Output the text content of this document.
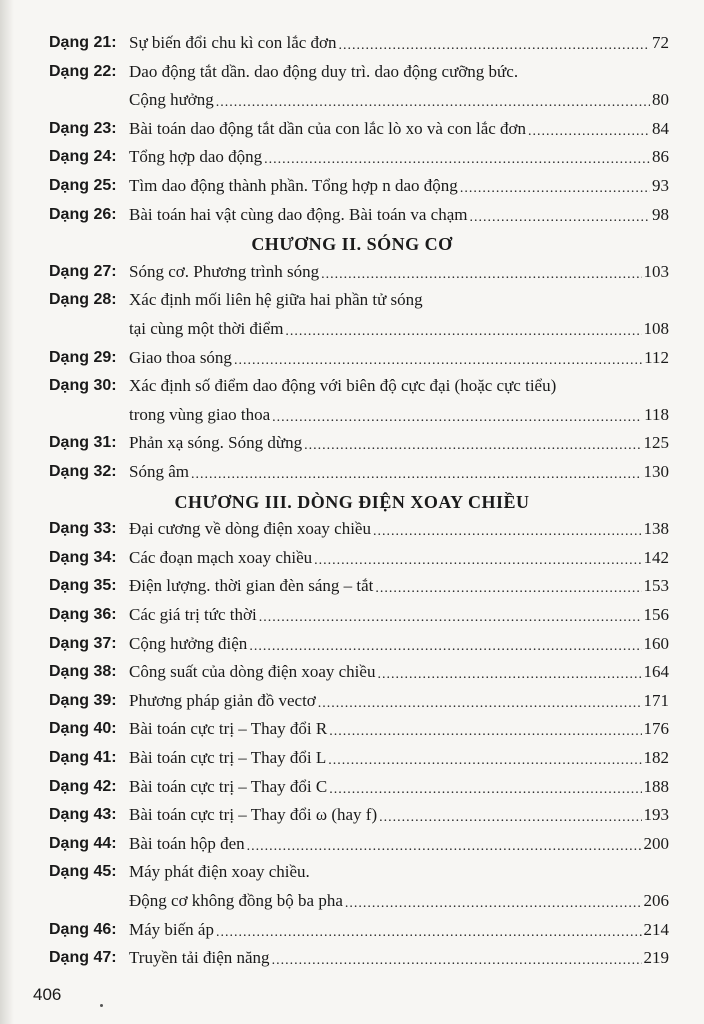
Dạng 21: Sự biến đổi chu kì con lắc đơn .....	72
Dạng 22: Dao động tắt dần. dao động duy trì. dao động cưỡng bức.
Cộng hưởng .....	80
Dạng 23: Bài toán dao động tắt dần của con lắc lò xo và con lắc đơn .....	84
Dạng 24: Tổng hợp dao động .....	86
Dạng 25: Tìm dao động thành phần. Tổng hợp n dao động .....	93
Dạng 26: Bài toán hai vật cùng dao động. Bài toán va chạm .....	98
CHƯƠNG II. SÓNG CƠ
Dạng 27: Sóng cơ. Phương trình sóng .....	103
Dạng 28: Xác định mối liên hệ giữa hai phần tử sóng
tại cùng một thời điểm .....	108
Dạng 29: Giao thoa sóng .....	112
Dạng 30: Xác định số điểm dao động với biên độ cực đại (hoặc cực tiểu)
trong vùng giao thoa .....	118
Dạng 31: Phản xạ sóng. Sóng dừng .....	125
Dạng 32: Sóng âm .....	130
CHƯƠNG III. DÒNG ĐIỆN XOAY CHIỀU
Dạng 33: Đại cương về dòng điện xoay chiều .....	138
Dạng 34: Các đoạn mạch xoay chiều .....	142
Dạng 35: Điện lượng. thời gian đèn sáng – tắt .....	153
Dạng 36: Các giá trị tức thời .....	156
Dạng 37: Cộng hưởng điện .....	160
Dạng 38: Công suất của dòng điện xoay chiều .....	164
Dạng 39: Phương pháp giản đồ vectơ .....	171
Dạng 40: Bài toán cực trị – Thay đổi R .....	176
Dạng 41: Bài toán cực trị – Thay đổi L .....	182
Dạng 42: Bài toán cực trị – Thay đổi C .....	188
Dạng 43: Bài toán cực trị – Thay đổi ω (hay f) .....	193
Dạng 44: Bài toán hộp đen .....	200
Dạng 45: Máy phát điện xoay chiều.
Động cơ không đồng bộ ba pha .....	206
Dạng 46: Máy biến áp .....	214
Dạng 47: Truyền tải điện năng .....	219
406
